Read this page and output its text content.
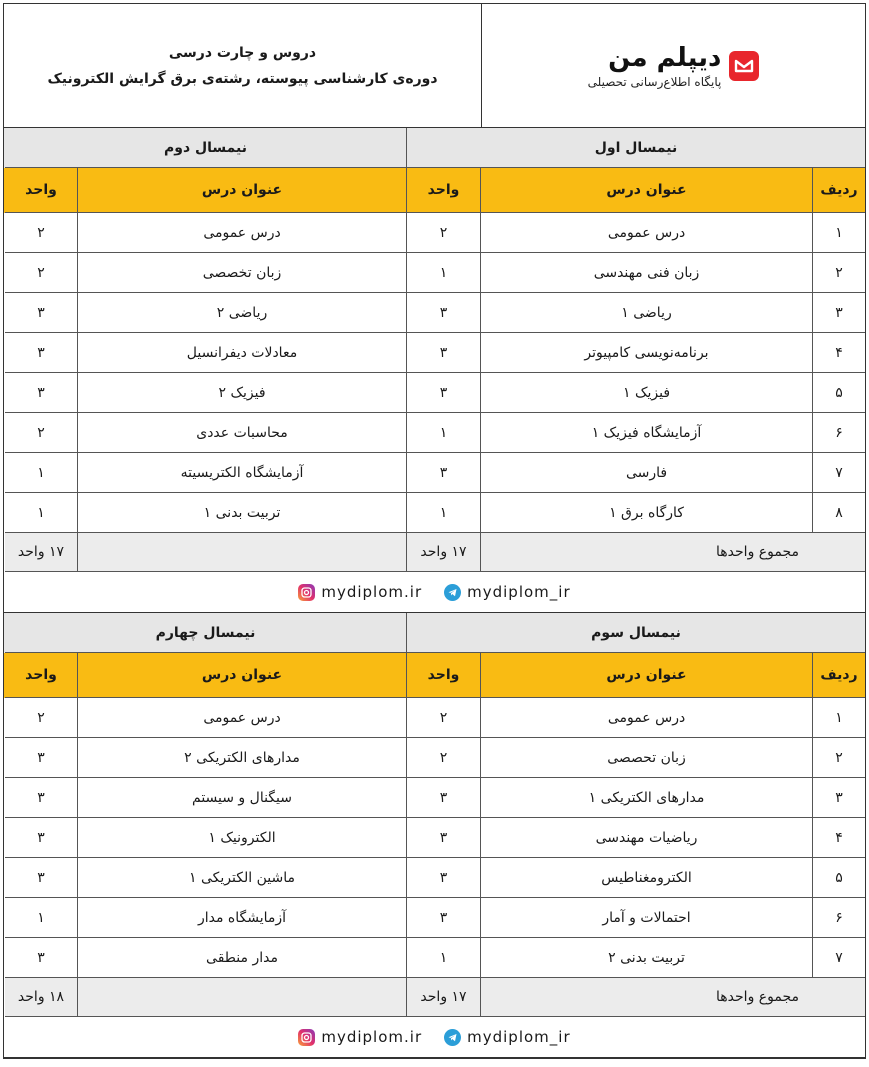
دیپلم من
پایگاه اطلاع‌رسانی تحصیلی
دروس و چارت درسی
دوره‌ی کارشناسی پیوسته، رشته‌ی برق گرایش الکترونیک
نیمسال اول
نیمسال دوم
ردیف
عنوان درس
واحد
عنوان درس
واحد
۱
درس عمومی
۲
درس عمومی
۲
۲
زبان فنی مهندسی
۱
زبان تخصصی
۲
۳
ریاضی ۱
۳
ریاضی ۲
۳
۴
برنامه‌نویسی کامپیوتر
۳
معادلات دیفرانسیل
۳
۵
فیزیک ۱
۳
فیزیک ۲
۳
۶
آزمایشگاه فیزیک ۱
۱
محاسبات عددی
۲
۷
فارسی
۳
آزمایشگاه الکتریسیته
۱
۸
کارگاه برق ۱
۱
تربیت بدنی ۱
۱
مجموع واحدها
۱۷ واحد
۱۷ واحد
mydiplom.ir	mydiplom_ir
نیمسال سوم
نیمسال چهارم
ردیف
عنوان درس
واحد
عنوان درس
واحد
۱
درس عمومی
۲
درس عمومی
۲
۲
زبان تحصصی
۲
مدارهای الکتریکی ۲
۳
۳
مدارهای الکتریکی ۱
۳
سیگنال و سیستم
۳
۴
ریاضیات مهندسی
۳
الکترونیک ۱
۳
۵
الکترومغناطیس
۳
ماشین الکتریکی ۱
۳
۶
احتمالات و آمار
۳
آزمایشگاه مدار
۱
۷
تربیت بدنی ۲
۱
مدار منطقی
۳
مجموع واحدها
۱۷ واحد
۱۸ واحد
mydiplom.ir	mydiplom_ir
